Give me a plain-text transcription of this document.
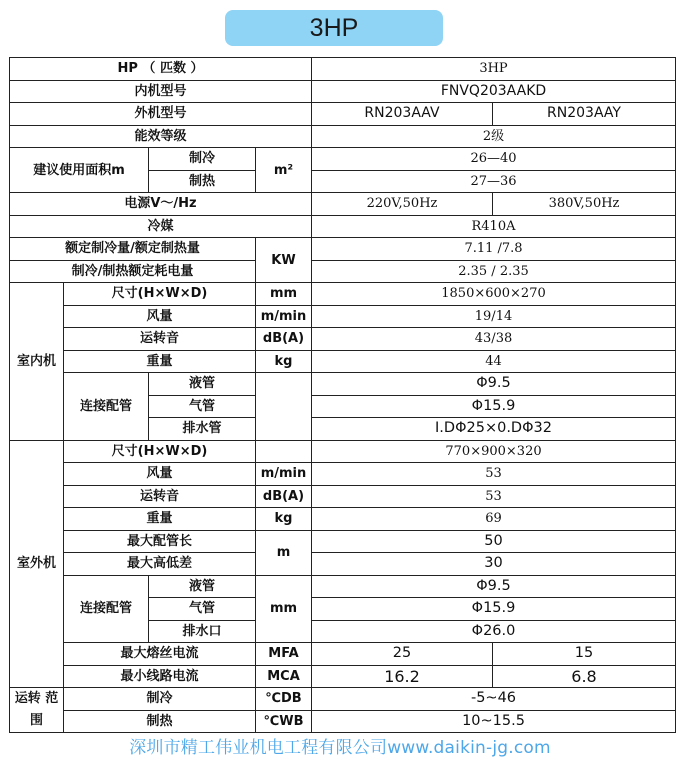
3HP
HP （ 匹数 ）				3HP	
内机型号				FNVQ203AAKD	
外机型号				RN203AAV	RN203AAY
能效等级				2级	
建议使用面积m		制冷	m²	26—40	
		制热		27—36	
电源V～/Hz				220V,50Hz	380V,50Hz
冷媒				R410A	
额定制冷量/额定制热量			KW	7.11 /7.8	
制冷/制热额定耗电量				2.35 / 2.35	
室内机	尺寸(H×W×D)		mm	1850×600×270	
	风量		m/min	19/14	
	运转音		dB(A)	43/38	
	重量		kg	44	
	连接配管	液管		Φ9.5	
		气管		Φ15.9	
		排水管		I.DΦ25×0.DΦ32	
室外机	尺寸(H×W×D)			770×900×320	
	风量		m/min	53	
	运转音		dB(A)	53	
	重量		kg	69	
	最大配管长		m	50	
	最大高低差			30	
	连接配管	液管	mm	Φ9.5	
		气管		Φ15.9	
		排水口		Φ26.0	
	最大熔丝电流		MFA	25	15
	最小线路电流		MCA	16.2	6.8
运转 范围	制冷		℃DB	-5~46	
	制热		℃WB	10~15.5	
深圳市精工伟业机电工程有限公司www.daikin-jg.com
